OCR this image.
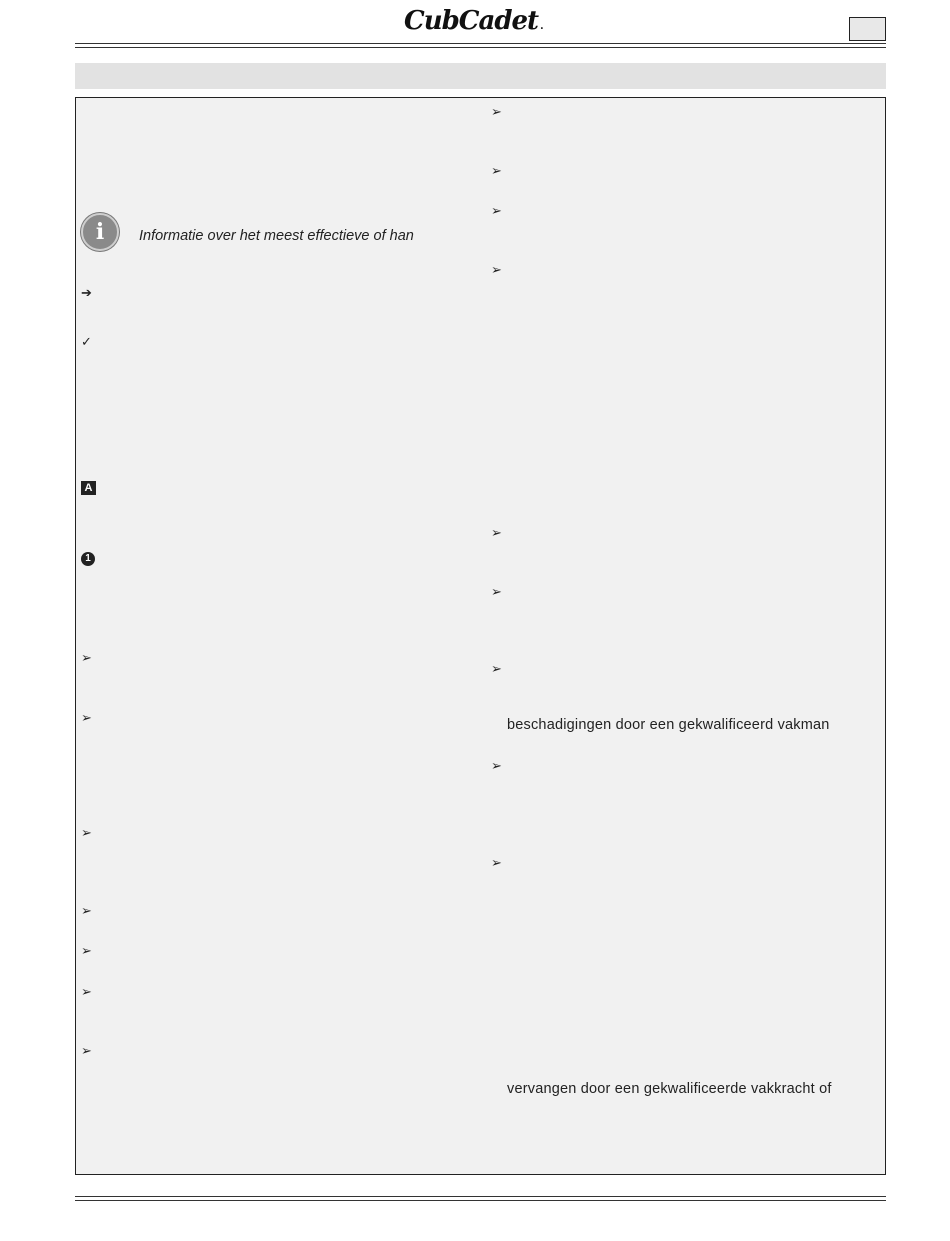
CubCadet .
i	Informatie over het meest effectieve of han
➔
✓
A
1
➢
➢
➢
➢
➢
➢
➢
➢
➢
➢
➢
➢
➢
➢
➢
➢
beschadigingen door een gekwalificeerd vakman
vervangen door een gekwalificeerde vakkracht of
